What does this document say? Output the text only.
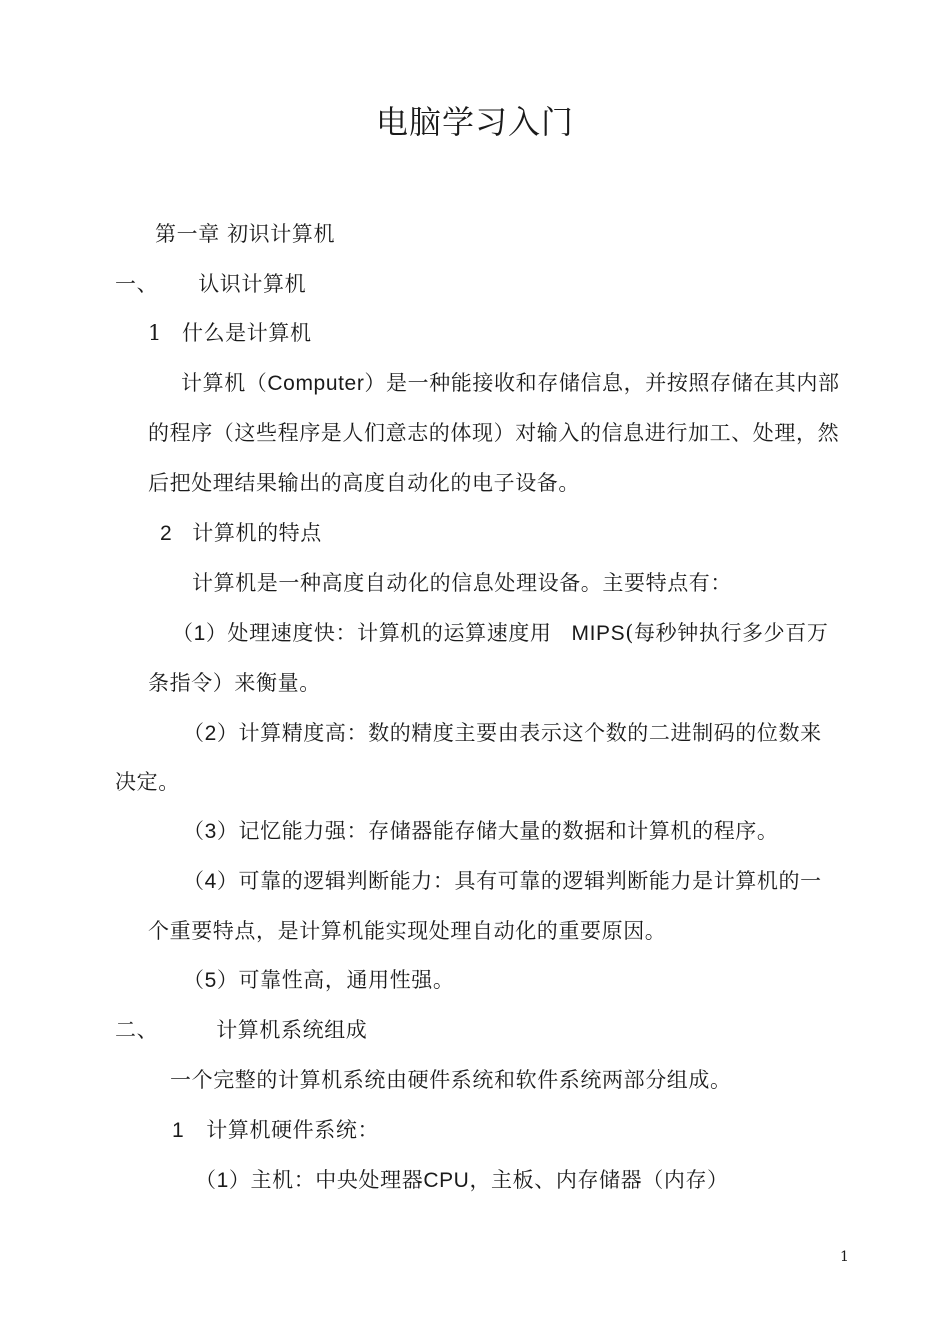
电脑学习入门
第一章 初识计算机
一、 认识计算机
1 什么是计算机
计算机（Computer）是一种能接收和存储信息，并按照存储在其内部
的程序（这些程序是人们意志的体现）对输入的信息进行加工、处理，然
后把处理结果输出的高度自动化的电子设备。
2 计算机的特点
计算机是一种高度自动化的信息处理设备。主要特点有：
（1）处理速度快：计算机的运算速度用 MIPS(每秒钟执行多少百万
条指令）来衡量。
（2）计算精度高：数的精度主要由表示这个数的二进制码的位数来
决定。
（3）记忆能力强：存储器能存储大量的数据和计算机的程序。
（4）可靠的逻辑判断能力：具有可靠的逻辑判断能力是计算机的一
个重要特点，是计算机能实现处理自动化的重要原因。
（5）可靠性高，通用性强。
二、	计算机系统组成
一个完整的计算机系统由硬件系统和软件系统两部分组成。
1 计算机硬件系统：
（1）主机：中央处理器CPU，主板、内存储器（内存）
1
